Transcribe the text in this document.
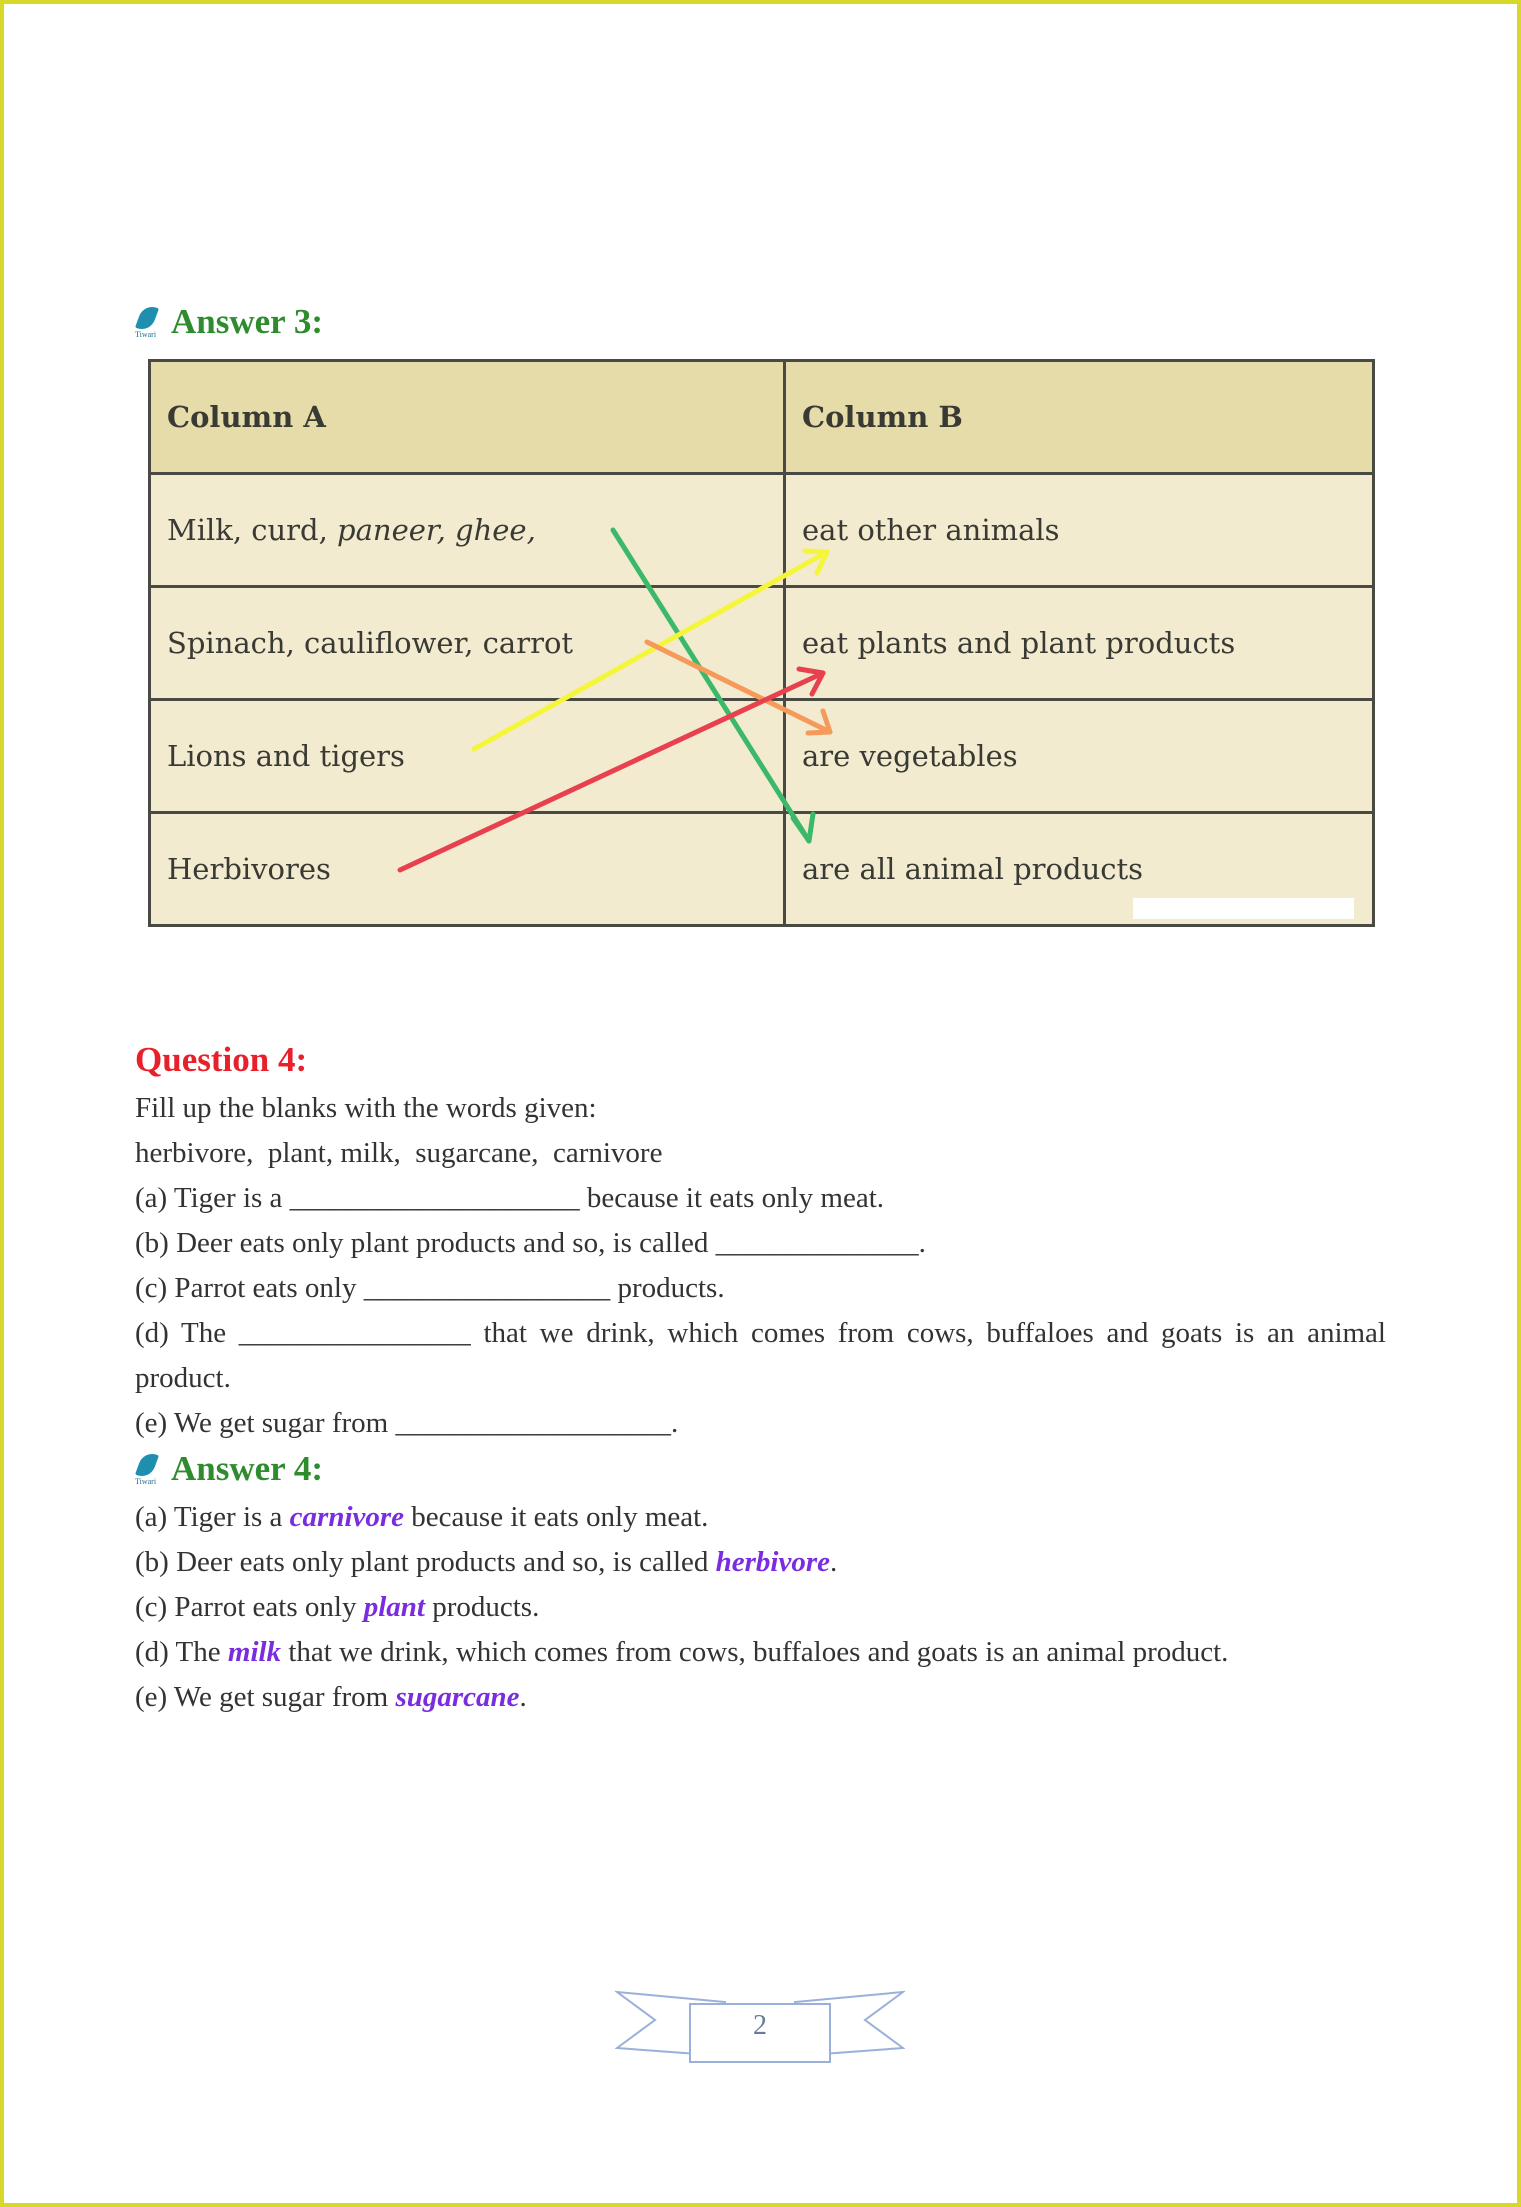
Tiwari Answer 3:
Column A	Column B
Milk, curd, paneer, ghee,	eat other animals
Spinach, cauliflower, carrot	eat plants and plant products
Lions and tigers	are vegetables
Herbivores	are all animal products
Question 4:

Fill up the blanks with the words given:

herbivore,  plant, milk,  sugarcane,  carnivore

(a) Tiger is a ____________________ because it eats only meat.

(b) Deer eats only plant products and so, is called ______________.

(c) Parrot eats only _________________ products.

(d) The ________________ that we drink, which comes from cows, buffaloes and goats is an animal product.

(e) We get sugar from ___________________.

Tiwari Answer 4:

(a) Tiger is a carnivore because it eats only meat.

(b) Deer eats only plant products and so, is called herbivore.

(c) Parrot eats only plant products.

(d) The milk that we drink, which comes from cows, buffaloes and goats is an animal product.

(e) We get sugar from sugarcane.

2
